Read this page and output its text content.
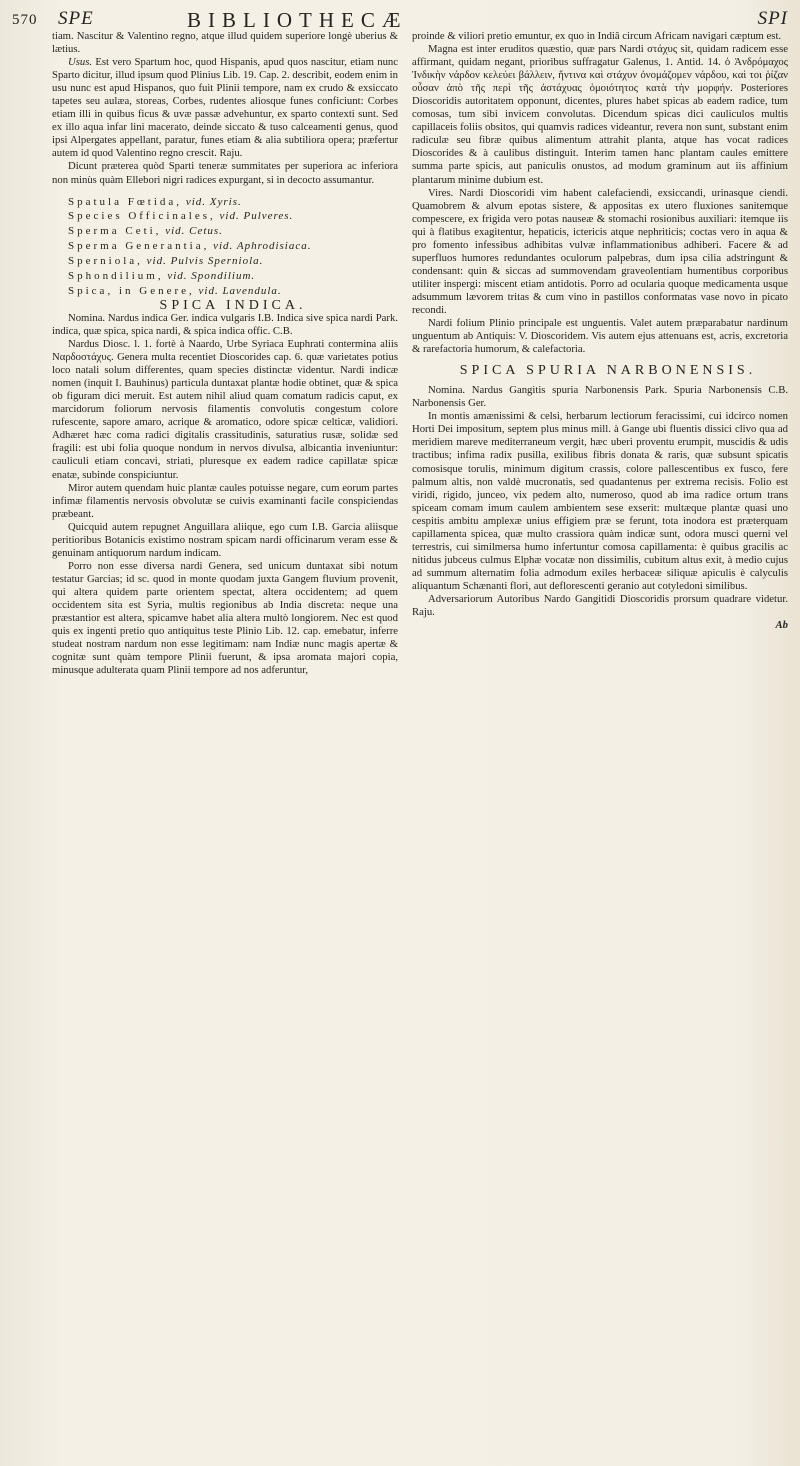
570 SPE	BIBLIOTHECÆ	SPI

tiam. Nascitur & Valentino regno, atque illud quidem superiore longè uberius & lætius.

Usus. Est vero Spartum hoc, quod Hispanis, apud quos nascitur, etiam nunc Sparto dicitur, illud ipsum quod Plinius Lib. 19. Cap. 2. describit, eodem enim in usu nunc est apud Hispanos, quo fuit Plinii tempore, nam ex crudo & exsiccato tapetes seu aulæa, storeas, Corbes, rudentes aliosque funes conficiunt: Corbes etiam illi in quibus ficus & uvæ passæ advehuntur, ex sparto contexti sunt. Sed ex illo aqua infar lini macerato, deinde siccato & tuso calceamenti genus, quod ipsi Alpergates appellant, paratur, funes etiam & alia subtiliora opera; præfertur autem id quod Valentino regno crescit. Raju.

Dicunt præterea quòd Sparti teneræ summitates per superiora ac inferiora non minùs quàm Ellebori nigri radices expurgant, si in decocto assumantur.

Spatula Fœtida, vid. Xyris.

Species Officinales, vid. Pulveres.

Sperma Ceti, vid. Cetus.

Sperma Generantia, vid. Aphrodisiaca.

Sperniola, vid. Pulvis Sperniola.

Sphondilium, vid. Spondilium.

Spica, in Genere, vid. Lavendula.

SPICA INDICA.

Nomina. Nardus indica Ger. indica vulgaris I.B. Indica sive spica nardi Park. indica, quæ spica, spica nardi, & spica indica offic. C.B.

Nardus Diosc. l. 1. fortè à Naardo, Urbe Syriaca Euphrati contermina aliis Ναρδοστάχυς. Genera multa recentiet Dioscorides cap. 6. quæ varietates potius loco natali solum differentes, quam species distinctæ videntur. Nardi indicæ nomen (inquit I. Bauhinus) particula duntaxat plantæ hodie obtinet, quæ & spica ob figuram dici meruit. Est autem nihil aliud quam comatum radicis caput, ex marcidorum foliorum nervosis filamentis convolutis congestum colore rufescente, sapore amaro, acrique & aromatico, odore spicæ celticæ, validiori. Adhæret hæc coma radici digitalis crassitudinis, saturatius rusæ, solidæ sed fragili: est ubi folia quoque nondum in nervos divulsa, albicantia inveniuntur: cauliculi etiam concavi, striati, pluresque ex eadem radice capillatæ spicæ enatæ, subinde conspiciuntur.

Miror autem quendam huic plantæ caules potuisse negare, cum eorum partes infimæ filamentis nervosis obvolutæ se cuivis examinanti facile conspiciendas præbeant.

Quicquid autem repugnet Anguillara aliique, ego cum I.B. Garcia aliisque peritioribus Botanicis existimo nostram spicam nardi officinarum veram esse & genuinam antiquorum nardum indicam.

Porro non esse diversa nardi Genera, sed unicum duntaxat sibi notum testatur Garcias; id sc. quod in monte quodam juxta Gangem fluvium provenit, qui altera quidem parte orientem spectat, altera occidentem; ad quem occidentem sita est Syria, multis regionibus ab India discreta: neque una præstantior est altera, spicamve habet alia altera multò longiorem. Nec est quod quis ex ingenti pretio quo antiquitus teste Plinio Lib. 12. cap. emebatur, inferre studeat nostram nardum non esse legitimam: nam Indiæ nunc magis apertæ & cognitæ sunt quàm tempore Plinii fuerunt, & ipsa aromata majori copia, minusque adulterata quam Plinii tempore ad nos adferuntur,

proinde & viliori pretio emuntur, ex quo in Indiâ circum Africam navigari cæptum est.

Magna est inter eruditos quæstio, quæ pars Nardi στάχυς sit, quidam radicem esse affirmant, quidam negant, prioribus suffragatur Galenus, 1. Antid. 14. ὁ Ἀνδρόμαχος Ἰνδικὴν νάρδον κελεύει βάλλειν, ἥντινα καὶ στάχυν ὀνομάζομεν νάρδου, καὶ τοι ῥίζαν οὖσαν ἀπὸ τῆς περὶ τῆς ἀστάχυας ὁμοιότητος κατὰ τὴν μορφήν. Posteriores Dioscoridis autoritatem opponunt, dicentes, plures habet spicas ab eadem radice, tum comosas, tum sibi invicem convolutas. Dicendum spicas dici cauliculos multis capillaceis foliis obsitos, qui quamvis radices videantur, revera non sunt, substant enim radiculæ seu fibræ quibus alimentum attrahit planta, atque has vocat radices Dioscorides & à caulibus distinguit. Interim tamen hanc plantam caules emittere summa parte spicis, aut paniculis onustos, ad modum graminum aut iis affinium plantarum minime dubium est.

Vires. Nardi Dioscoridi vim habent calefaciendi, exsiccandi, urinasque ciendi. Quamobrem & alvum epotas sistere, & appositas ex utero fluxiones sanitemque compescere, ex frigida vero potas nauseæ & stomachi rosionibus auxiliari: itemque iis qui à flatibus exagitentur, hepaticis, ictericis atque nephriticis; coctas vero in aqua & pro fomento infessibus adhibitas vulvæ inflammationibus adhiberi. Facere & ad superfluos humores redundantes oculorum palpebras, dum ipsa cilia adstringunt & condensant: quin & siccas ad summovendam graveolentiam humentibus corporibus utiliter inspergi: miscent etiam antidotis. Porro ad ocularia quoque medicamenta usque adsummum lævorem tritas & cum vino in pastillos conformatas vase novo in picato recondi.

Nardi folium Plinio principale est unguentis. Valet autem præparabatur nardinum unguentum ab Antiquis: V. Dioscoridem. Vis autem ejus attenuans est, acris, excretoria & rarefactoria humorum, & calefactoria.

SPICA SPURIA NARBONENSIS.

Nomina. Nardus Gangitis spuria Narbonensis Park. Spuria Narbonensis C.B. Narbonensis Ger.

In montis amænissimi & celsi, herbarum lectiorum feracissimi, cui idcirco nomen Horti Dei impositum, septem plus minus mill. à Gange ubi fluentis dissici clivo qua ad meridiem mareve mediterraneum vergit, hæc uberi proventu erumpit, muscidis & udis tractibus; infima radix pusilla, exilibus fibris donata & raris, quæ subsunt spicatis comosisque torulis, minimum digitum crassis, colore pallescentibus ex fusco, fere palmum altis, non valdè mucronatis, sed quadantenus per extrema recisis. Folio est viridi, rigido, junceo, vix pedem alto, numeroso, quod ab ima radice ortum trans spiceam comam imum caulem ambientem sese exserit: multæque plantæ quasi uno cespitis ambitu amplexæ unius effigiem præ se ferunt, tota inodora est præterquam capillamenta spicea, quæ multo crassiora quàm indicæ sunt, odora musci querni vel terrestris, cui similmersa humo infertuntur comosa capillamenta: è quibus gracilis ac nitidus jubceus culmus Elphæ vocatæ non dissimilis, cubitum altus exit, à medio cujus ad summum alternatim folia admodum exiles herbaceæ siliquæ apiculis è calyculis aliquantum Schænanti flori, aut deflorescenti geranio aut cotyledoni similibus.

Adversariorum Autoribus Nardo Gangitidi Dioscoridis prorsum quadrare videtur. Raju.

Ab
